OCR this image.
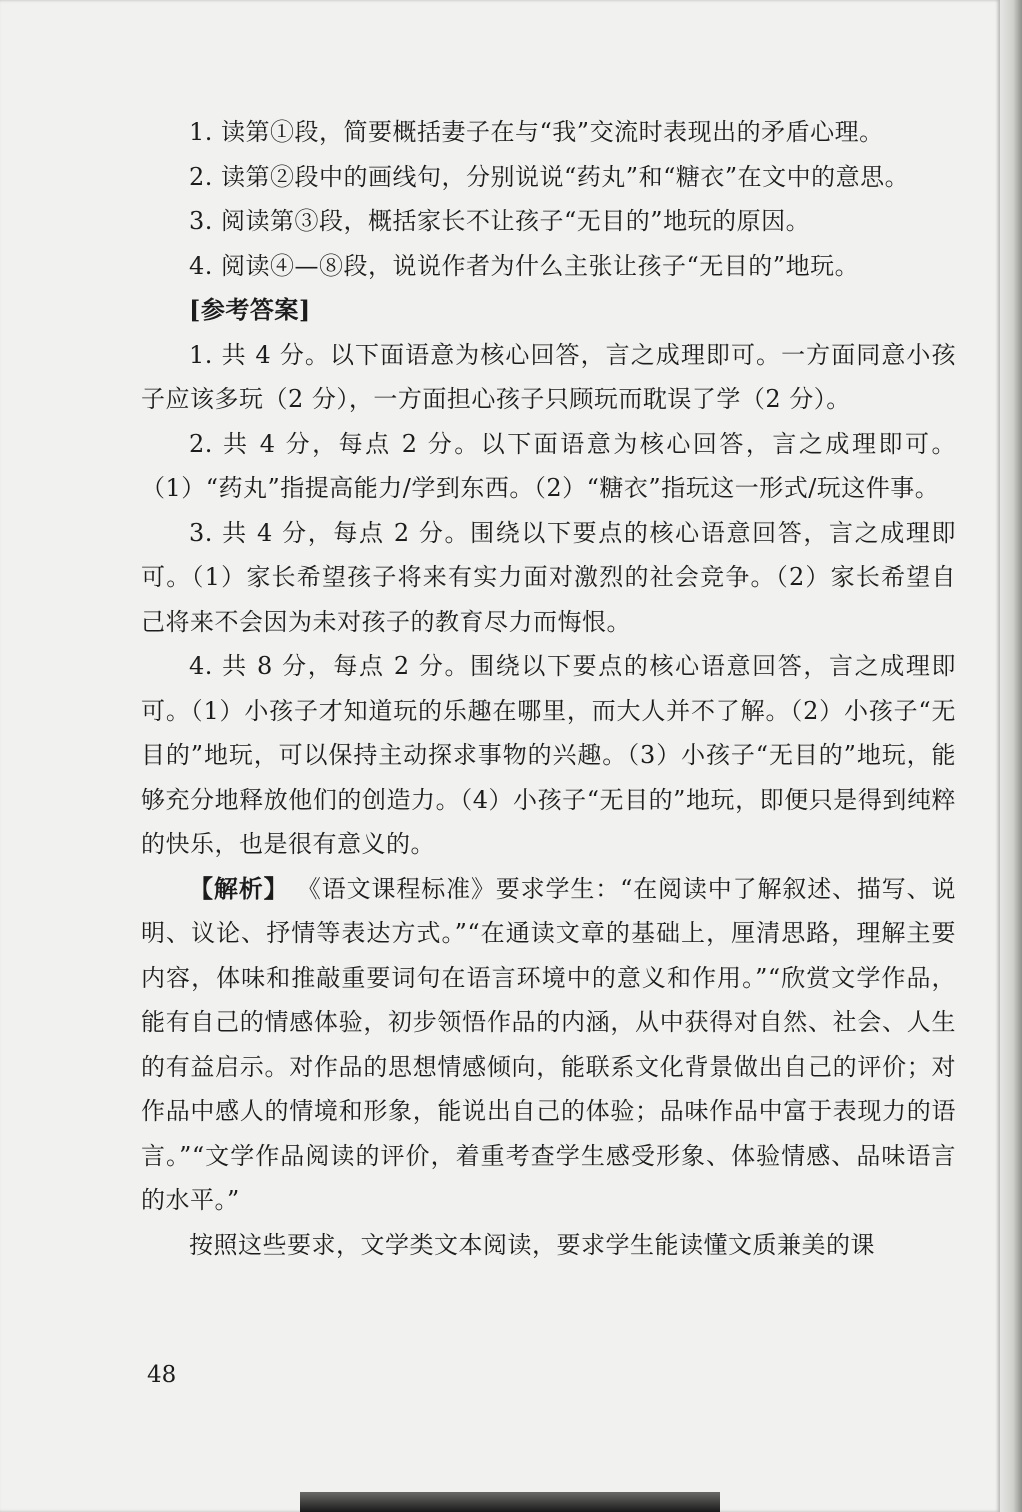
1. 读第①段，简要概括妻子在与“我”交流时表现出的矛盾心理。

2. 读第②段中的画线句，分别说说“药丸”和“糖衣”在文中的意思。

3. 阅读第③段，概括家长不让孩子“无目的”地玩的原因。

4. 阅读④—⑧段，说说作者为什么主张让孩子“无目的”地玩。

[参考答案]

1. 共 4 分。以下面语意为核心回答，言之成理即可。一方面同意小孩子应该多玩（2 分），一方面担心孩子只顾玩而耽误了学（2 分）。

2. 共 4 分，每点 2 分。以下面语意为核心回答，言之成理即可。（1）“药丸”指提高能力/学到东西。（2）“糖衣”指玩这一形式/玩这件事。

3. 共 4 分，每点 2 分。围绕以下要点的核心语意回答，言之成理即可。（1）家长希望孩子将来有实力面对激烈的社会竞争。（2）家长希望自己将来不会因为未对孩子的教育尽力而悔恨。

4. 共 8 分，每点 2 分。围绕以下要点的核心语意回答，言之成理即可。（1）小孩子才知道玩的乐趣在哪里，而大人并不了解。（2）小孩子“无目的”地玩，可以保持主动探求事物的兴趣。（3）小孩子“无目的”地玩，能够充分地释放他们的创造力。（4）小孩子“无目的”地玩，即便只是得到纯粹的快乐，也是很有意义的。

【解析】 《语文课程标准》要求学生：“在阅读中了解叙述、描写、说明、议论、抒情等表达方式。”“在通读文章的基础上，厘清思路，理解主要内容，体味和推敲重要词句在语言环境中的意义和作用。”“欣赏文学作品，能有自己的情感体验，初步领悟作品的内涵，从中获得对自然、社会、人生的有益启示。对作品的思想情感倾向，能联系文化背景做出自己的评价；对作品中感人的情境和形象，能说出自己的体验；品味作品中富于表现力的语言。”“文学作品阅读的评价，着重考查学生感受形象、体验情感、品味语言的水平。”

按照这些要求，文学类文本阅读，要求学生能读懂文质兼美的课

48
